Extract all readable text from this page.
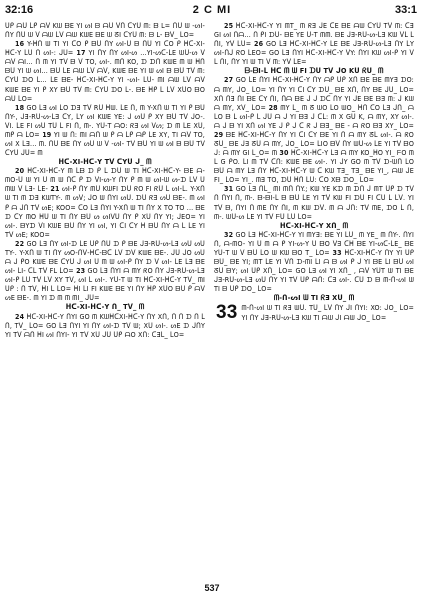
32:16	2 C MI	33:1

ᑌᑭ ᗩᑌ ᒪᑭ ᗩᐯ Kᗯ ᗷE YI ᔕI ᗷ ᗩᑌ ᐯᑎ ᑕYᑌ ᗰ: ᗷ L= ᑎᑌ ᗯ -ᔕI- ᑎY ᑎᑌ ᗯ ᐯ ᗩᗯ ᒪᐯ ᗩᗯ KᗯE ᗷE ᗯ ᘔI ᑕYᑌ ᗰ: ᗷ L- ᗷᐯ_ ᒪO=

16 Y-ᕼᑎ ᗯ TI YI ᑕO ᑭ ᗷᑌ ᑎY ᔕI-ᑌ ᗷ ᑎᑌ YI ᑕO ᑭ ᕼᑕ-XI-ᕼᑕ-Y ᒪᑌ ᑎ ᔕI-: ᒍᑌ= 17 YI ᑎY ᑎY ᔕI-ᔕ ...YI-ᔕᑕ-ᒪE ᗯᑌ-ᔕ ᐯ ᗩᐯ ᗩI... ᑎ ᗰ YI Tᐯ ᗷ ᐯ TO, ᔕI-. ᗰᑎ KO, ᗪ ᗪᑎ KᗯE ᗰ ᗯ ᕼᑎ ᗷᑌ YI ᗯ ᔕI... ᗷᑌ ᒪE ᗩᗯ ᒪᐯ ᗩᐯ, KᗯE ᗷE YI ᗯ ᔕI ᗷ ᗷᑌ Tᐯ ᗰ: ᑕYᑌ ᗪO ᒪ... ᒪE ᗷE- ᕼᑕ-XI-ᕼᑕ-Y YI -ᔕI- ᒪᑌ- ᗰI ᗩᗯ ᒪᐯ ᗩᐯ KᗯE ᗷE YI ᑭ XY ᗷᑌ Tᐯ ᗰ: ᑕYᑌ ᗪO ᒪ-. ᗷE ᕼᑭ ᒪ ᒪᐯ XᑌO ᗷO ᗩᑌ ᒪO=

18 GO ᒪƎ ᔕI ᒪO ᗪƎ Tᐯ Rᑌ ᕼᗯ. ᒪE ᑎ, ᗰ Y-Xᑎ ᗯ TI YI ᑭ ᗷᑌ ᑎY-, ᒍƎ-Rᑌ-ᔕ-ᒪƎ ᑕY, ᒪY ᔕI KᗯE YE: ᒍ ᔕᑌ ᑭ XY ᗷᑌ Tᐯ ᒍO-. ᐯI. ᒪE FI ᔕᑌ Tᑌ ᒪ FI ᑎ, ᗰ-. Yᑌ-T ᗩO: ᖇƎ ᔕI ᐯᔕ; ᗪ ᗰ ᒪE Xᑌ, ᗰᑭ ᗩ ᒪO= 19 YI ᗯ ᑎ: ᗰI ᗩᑎ ᗯ ᑭ ᗩ ᒪᑭ ᗩᑭ ᒪE XY, TI ᗩᐯ TO, ᔕI X ᒪƎ... ᗰ. ᑎᑌ ᗷE ᑎY ᔕᑌ ᗯ ᐯ -ᔕI- Tᐯ ᗷᑌ YI ᗯ ᔕI ᗷ ᗷᑌ Tᐯ ᑕYᑌ ᒍᑌ= ᗰ

ᕼᑕ-XI-ᕼᑕ-Y Tᐯ ᑕYᑌ ᒍ_ ᗰ

20 ᕼᑕ-XI-ᕼᑕ-Y ᗰ ᒪᗷ ᗪ ᑭ ᒪ ᗪᑌ ᗯ TI ᕼᑕ-XI-ᕼᑕ-Y- ᗷE ᗩ-ᗰO-ᑌ ᗯ YI ᑌ ᗰ ᗯ ᑎᑕ ᑭ ᗪ ᐯI-ᔕ-Y ᑎY ᑭ ᗰ ᗯ ᔕI-ᗯ ᔕ-ᗪ ᒪᐯ ᑌ ᗰᗯ ᐯ ᒪƎ- ᒪE- 21 ᔕI-ᑭ ᑎY ᗰᑌ KᗯFI ᗪᑌ ᖇO FI ᖇᑌ ᒪ ᔕI-ᒪ. Y-Xᑎ ᗯ TI ᗰ ᗪƎ KᗯTY-. ᗰ ᔕᐯ; ᒍO ᗯ ᑎYI ᔕᑌ. ᗪᑌ ᖇƎ ᔕᑌ ᗷE-. ᗰ ᔕI ᑭ ᗩ ᒍᑎ Tᐯ ᔕE; KOO= ᑕO ᒪƎ ᑎYI Y-Xᑎ ᗯ TI ᑎY X TO TO ... ᗷE ᗪ ᑕY ᗰO ᕼᑌ ᗯ TI ᑎY ᗷᑌ ᔕ ᔕIᐯᑌ ᑎY ᑭ Xᑌ ᑎY YI; ᒍEO= YI ᔕI-. ᗷYᗪ ᐯI KᗯE ᗷᑌ ᑎY YI ᔕI, YI ᑕI ᑕY ᕼ ᗷᑌ ᑎY ᗩ ᒪ ᒪE YI Tᐯ ᔕE; KOO=

22 GO ᒪƎ ᑎY ᔕI-ᗪ ᒪE ᑌᑭ ᑎᑌ ᗪ ᑭ ᗷE ᒍƎ-Rᑌ-ᔕ-ᒪƎ ᔕᑌ ᔕᑌ TY-. Y-Xᑎ ᗯ TI ᑎY ᔕO-ᑎᐯ-ᕼᑕ-ᗷᑕ ᒪᐯ ᗪᐯ KᗯE ᗷE-. ᒍᑌ ᒍO ᔕᑌ ᗩ ᒍ ᑭO KᗯE ᗷE ᑕYᑌ ᒍ ᔕI ᑌ ᗰ ᗯ ᔕI-ᑭ ᑎY ᗪ ᐯ ᔕI- ᒪE ᒪƎ ᗷE ᔕI- ᒪI- ᑕᒪ Tᐯ FL ᒪO= 23 GO ᒪƎ ᑎYI ᗩ ᗰY ᖇO ᑎY ᒍƎ-Rᑌ-ᔕ-ᒪƎ ᔕI-ᑭ ᒪᑌ Tᐯ ᒪᐯ XY Tᐯ, ᔕI ᒪ ᔕI-. Yᑌ-T ᗯ TI ᕼᑕ-XI-ᕼᑕ-Y Tᐯ_ ᗰI ᑌᑭ : ᑎ Tᐯ, ᕼI ᒪ ᒪO= ᕼI ᒪI FI KᗯE ᗷE YI ᑎY ᕼᑭ XᑌO ᗷᑌ ᑭ ᗩᐯ ᔕE ᗷE-. ᗰ YI ᗪ ᗰ ᗰ ᗰI_ ᒍᑌ=

ᕼᑕ-XI-ᕼᑕ-Y ᑎ_ Tᐯ_ ᗰ

24 ᕼᑕ-XI-ᕼᑕ-Y ᑎYI GO ᗰ KᗯᕼᑕXI-ᕼᑕ-Y ᑎY Xᑎ, ᑎ ᑎ ᗪ ᑎ ᒪ ᑎ, Tᐯ_ ᒪO= GO ᒪƎ ᑎYI YI ᑎY ᔕI-ᗪ Tᐯ ᗯ; Xᑌ ᔕI-. ᔕE ᗪ ᒍᑎY YI Tᐯ ᗩᑎ ᕼI ᔕI ᑎYI- YI Tᐯ Xᑌ ᒍᑌ ᑌᑭ ᗩO Xᑎ: ᑕƎᒪ_ ᒪO=

25 ᕼᑕ-XI-ᕼᑕ-Y YI ᗰT_ ᗰ ᖇƎ ᒍE ᑕE ᗷE ᗩᗯ ᑕYᑌ Tᐯ ᗰ: ᑕƎ GI ᔕI ᑎᗩ... ᑎ ᑭI ᗪᑌ- ᗷE YE ᑌ-T ᗰᗰ. ᗷE ᒍƎ-Rᑌ-ᔕ-ᒪƎ Kᗯ ᐯᒪ ᒪ ᑎI, Yᐯ ᒪᑌ= 26 GO ᒪƎ ᕼᑕ-XI-ᕼᑕ-Y ᒪE ᗷE ᒍƎ-Rᑌ-ᔕ-ᒪƎ ᑎY ᒪY ᔕI-ᑎᒍ ᖇO ᒪEO= GO ᒪƎ ᑎYI ᕼᑕ-XI-ᕼᑕ-Y ᐯY: ᑎYI Kᗯ ᔕI-ᑭ YI ᐯ ᒪ ᑎI, ᑎY YI ᗯ TI ᐯ ᗰ: Yᐯ ᒪE=

ᗷ-ᗷI-ᒪ ᕼᑕ ᗰ ᗯ FI ᗪᑌ Tᐯ ᒍO Kᑌ ᖇᑌ_ ᗰ

27 GO ᒪE ᑎYI ᕼᑕ-XI-ᕼᑕ-Y ᑎY ᗩᑭ ᑌᑭ Xᑎ ᗷE ᗷE ᗰYƎ ᗪO: ᗩ ᗰY, ᒍO_ ᒪO= YI ᑎY YI ᑕI ᑕY ᗪᑌ_ ᗷE Xᑎ, ᑎY ᗷE ᒍᑌ_ ᒪO= Xᑎ ᑎƎ ᑎI ᗷE ᑕY ᑎI, ᑎᗩ ᗷE ᒍ ᒍ ᗪᑕ ᑎY YI ᒍE ᗷE ᗷƎ ᗰ: ᒍ Kᗯ ᗩ ᗰY, Xᐯ_ ᒪO= 28 ᗰY ᒪ_ ᗰ ᘔ ᗯO ᒪO ᗯO_ ᕼᑎ ᑕO ᒪƎ ᒍᑎ_ ᗩ ᒪO ᗷ ᒪ ᔕI-ᑭ ᒪ ᒍᑌ ᗩ ᒍ YI ᗷƎ ᒍ ᑕᒪ: ᗰ X Gᑌ K, ᗩ ᗰY, XY ᔕI-. ᗩ ᒍ ᗷ YI Xᑎ ᔕI YE ᒍ ᑭ ᒍ ᑕ ᖇ ᒍ ᗷƎ_ ᗷE - ᗩ ᖇO ᗷƎ XY_ ᒪO= 29 ᗷE ᕼᑕ-XI-ᕼᑕ-Y ᑎY YI ᑕI ᑕY ᗷE YI ᑎ ᗩ ᗰY ᘔᒪ ᔕI-. ᗩ ᖇO ᘔᑌ_ ᗷE ᒍƎ ᘔᑌ ᗩ ᗰY, ᒍO_ ᒪO= ᒪIO ᗷᐯ ᑎY ᗯᑌ-ᔕ ᒪE YI Tᐯ ᗷO ᒍ: ᗩ ᗰY GI ᒪ_O= ᗰ 30 ᕼᑕ-XI-ᕼᑕ-Y ᒪƎ ᗩ ᗰY KO_ᕼO YI_ ᖴO ᗰ ᒪ G ᑭO. ᒪI ᗰ Tᐯ ᑕᑎ: KᗯE ᗷE ᔕI-. YI ᒍY GO ᗰ Tᐯ ᗪ-ᗯᑎ ᒪO ᗷᑌ ᗩ ᗰY ᒪƎ ᑎY ᕼᑕ-XI-ᕼᑕ-Y ᗯ ᑕ Kᗯ TƎ_ TƎ_ ᗷE YI_, ᗩᗯ ᒍE FI_ ᒪO= YI_. ᗰƎ TO, ᗪᑌ ᕼᑎ ᒪᑌ: ᑕO Xᗷ ᗪO_ ᒪO=

31 GO ᒪƎ ᑎᒪ_ ᗰI ᗰᑎ ᑎY.; Kᗯ YE Kᗪ ᗰ ᗪᑎ ᒍ ᗰT ᑌᑭ ᗪ Tᐯ ᑎ ᑎYI ᑎ, ᗰ-. ᗷ-ᗷI-ᒪ ᗷ ᗷᑌ ᒪE YI Tᐯ Kᗯ FI ᗪᑌ FI ᑕᑌ ᒪ ᒪᐯ. YI Tᐯ ᗷ, ᑎYI ᑎ ᗰE ᑎY ᑎI, ᗰ Kᗯ ᗪᐯ. ᗰ ᗩ ᒍᑎ: Tᐯ ᗰE, ᗪO ᒪ ᑎ, ᗰ-. ᗯᑌ-ᔕ ᒪE YI Tᐯ ᖴᑌ ᒪᑌ ᒪO=

ᕼᑕ-XI-ᕼᑕ-Y Xᑎ_ ᗰ

32 GO ᒪƎ ᕼᑕ-XI-ᕼᑕ-Y YI ᗰYƎ: ᗷE YI ᒪᑌ_ ᗰ YE_ ᗰ ᑎY-. ᑎYI ᑎ, ᗩ-ᗰO- YI ᑌ ᗰ ᗩ ᑭ YI-ᔕ-Y ᑌ ᗷO ᐯƎ ᑕᕼ ᗷE YI-ᔕᑕ-ᒪE_ ᗷE Yᑌ-T ᗯ ᐯ ᗷᑌ ᒪO ᗯ Kᗯ ᗷO T_ ᒪO= 33 ᕼᑕ-XI-ᕼᑕ-Y ᑎY YI ᑌᑭ ᗷᑌ_ ᗷE YI; ᗰT ᒪE YI ᐯᑎ ᗪ-ᗰI ᒪI ᗩ ᗷ ᔕI ᑭ ᒍ YI ᗷE ᒪI ᗷᑌ ᔕI ᘔᑌ ᗷY; ᔕI ᑌᑭ Xᑎ_ ᒪO= GO ᒪƎ ᔕI YI Xᑎ_ , ᗩᐯ YᑌT ᗯ TI ᗷE ᒍƎ-Rᑌ-ᔕ-ᒪƎ ᔕᑌ ᑎY YI Tᐯ ᑌᑭ ᗩᑎ: ᑕƎ ᔕI-. ᑕᑌ ᗪ ᗷ ᗰ-ᑎ-ᔕI ᗯ TI ᗷ ᑌᑭ ᗪO_ ᒪO=

ᗰ-ᑎ-ᔕI ᗯ TI ᖇƎ Xᑌ_ ᗰ
33 ᗰ-ᑎ-ᔕI ᗯ TI ᖇƎ ᗯᑌ. Tᑌ_ ᒪᐯ ᑎY ᒍI ᑎYI: XO: ᒍO_ ᒪO= YI ᑎY ᒍƎ-Rᑌ-ᔕ-ᒪƎ Kᗯ TI ᗩᗯ ᒍI ᗩᗯ ᒍO_ ᒪO=
537
